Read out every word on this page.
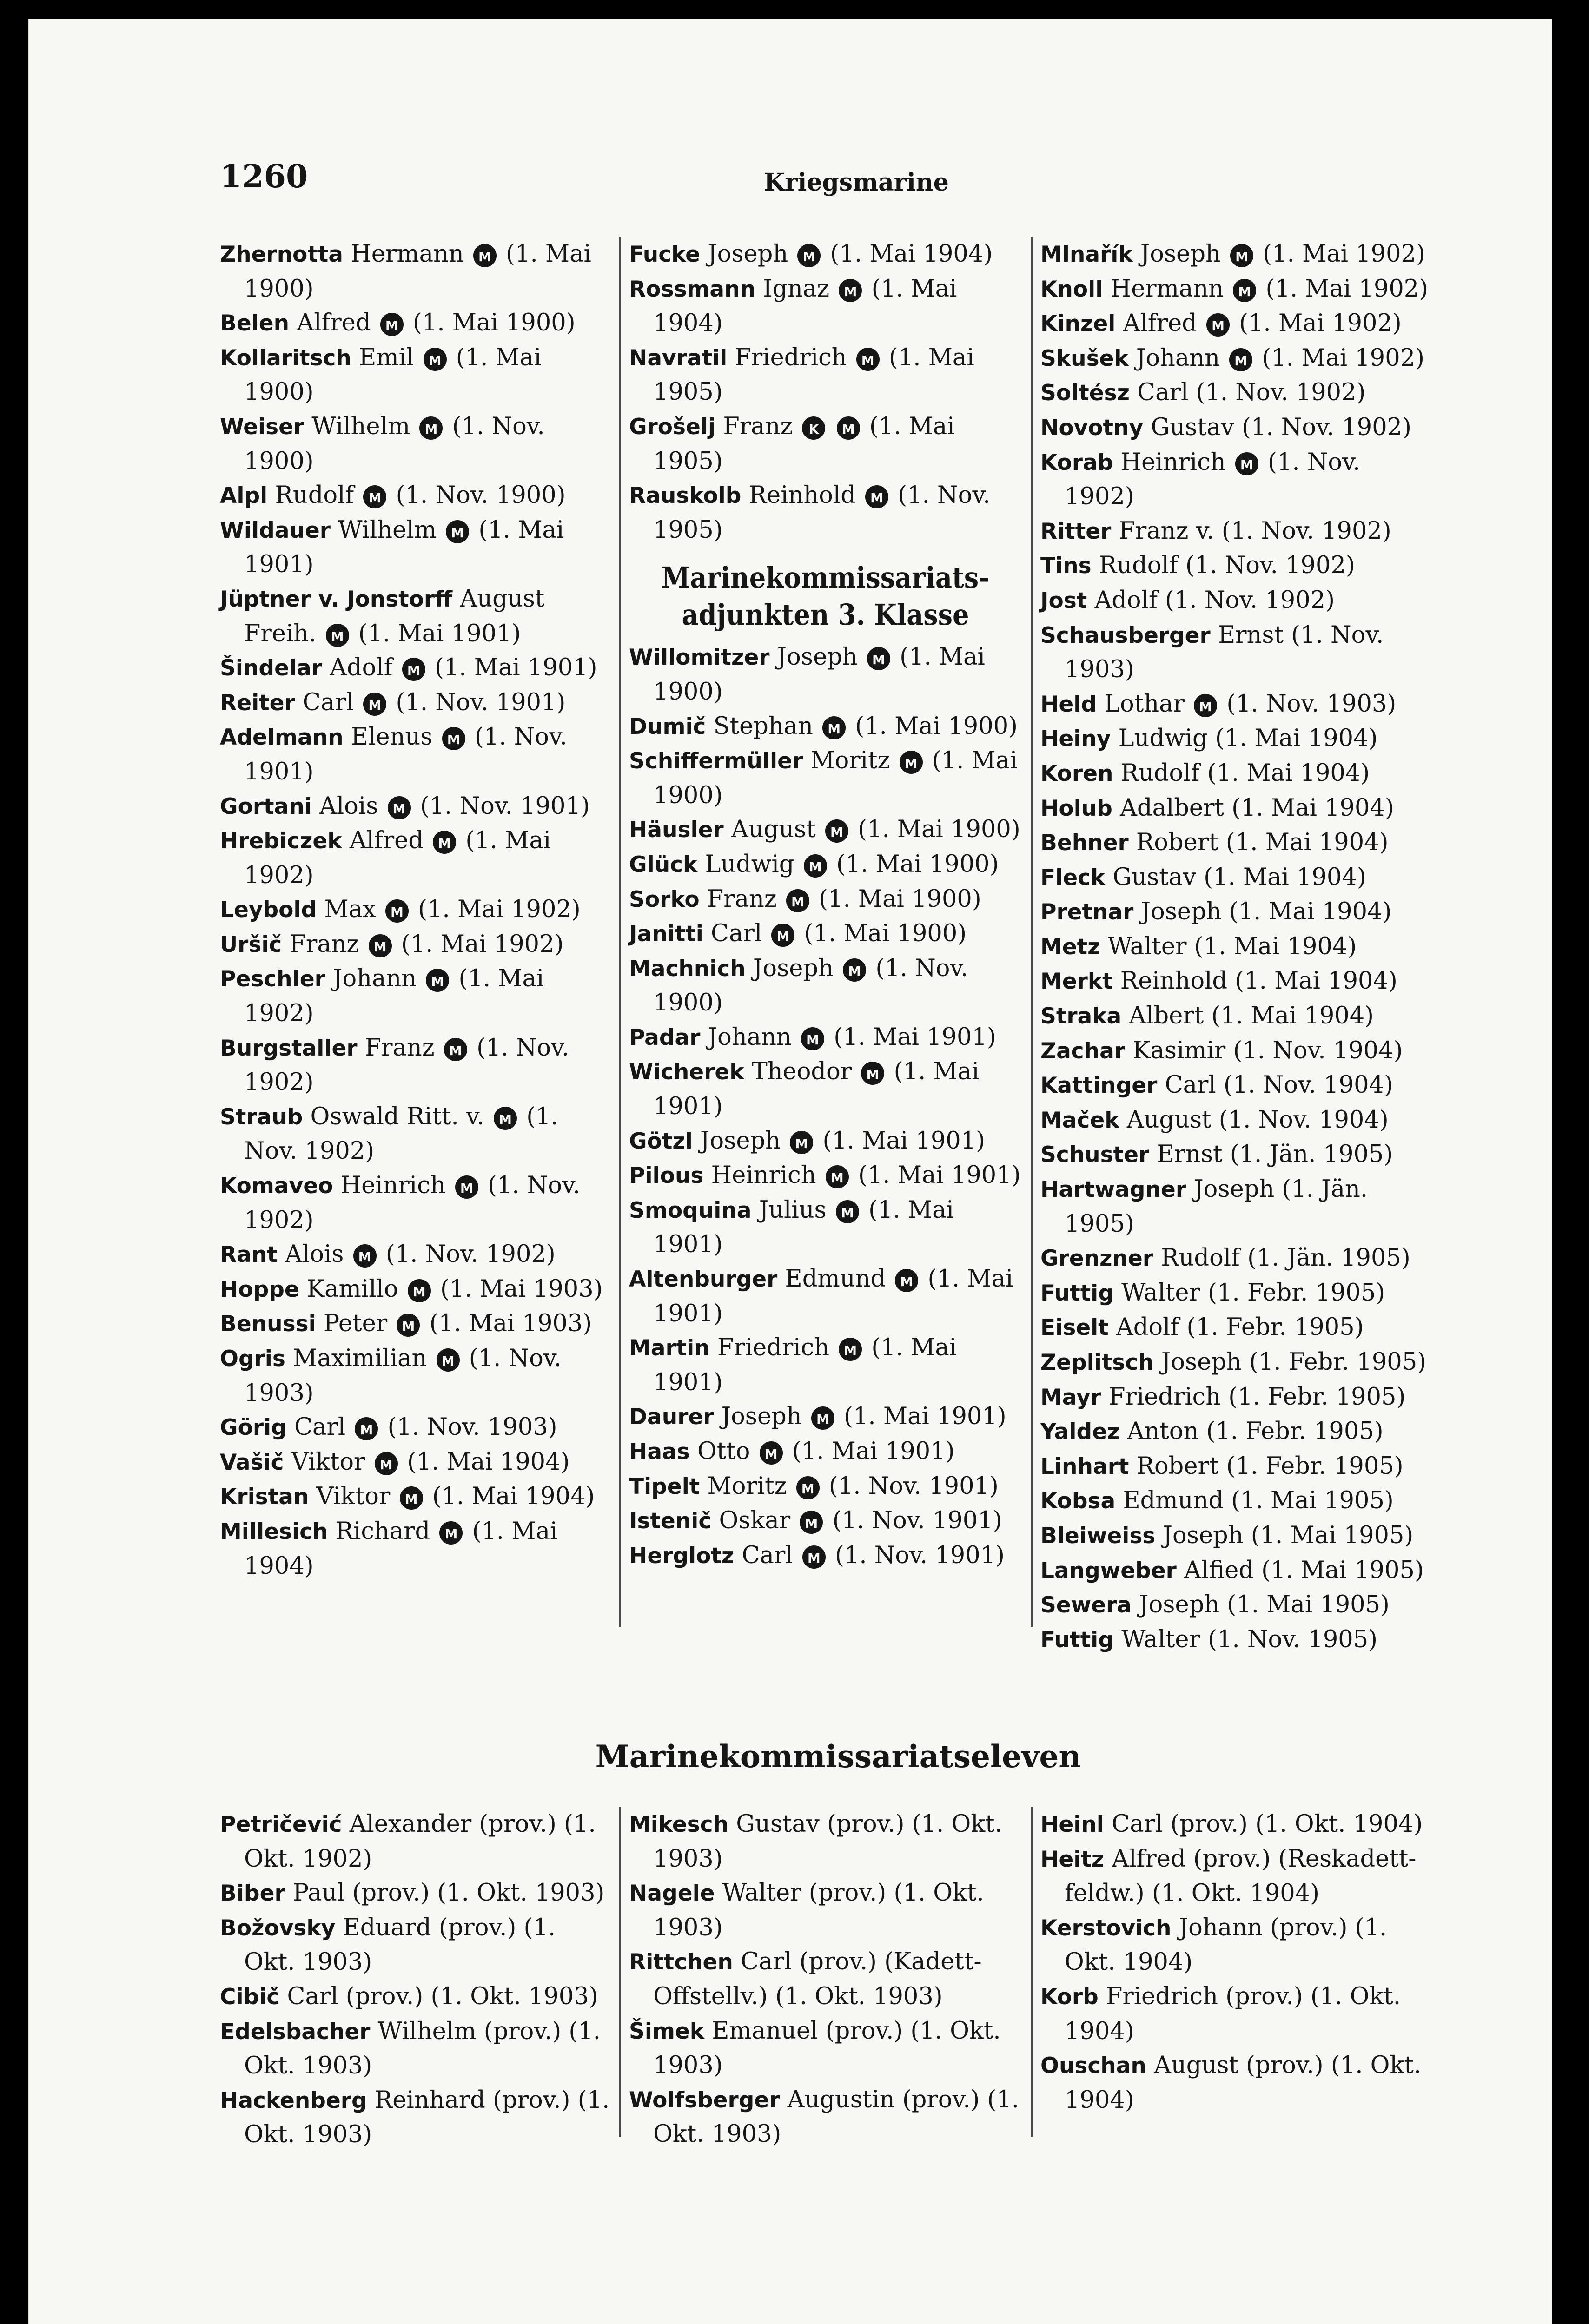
1260	Kriegsmarine
Zhernotta Hermann M (1. Mai 1900)
Belen Alfred M (1. Mai 1900)
Kollaritsch Emil M (1. Mai 1900)
Weiser Wilhelm M (1. Nov. 1900)
Alpl Rudolf M (1. Nov. 1900)
Wildauer Wilhelm M (1. Mai 1901)
Jüptner v. Jonstorff August Freih. M (1. Mai 1901)
Šindelar Adolf M (1. Mai 1901)
Reiter Carl M (1. Nov. 1901)
Adelmann Elenus M (1. Nov. 1901)
Gortani Alois M (1. Nov. 1901)
Hrebiczek Alfred M (1. Mai 1902)
Leybold Max M (1. Mai 1902)
Uršič Franz M (1. Mai 1902)
Peschler Johann M (1. Mai 1902)
Burgstaller Franz M (1. Nov. 1902)
Straub Oswald Ritt. v. M (1. Nov. 1902)
Komaveo Heinrich M (1. Nov. 1902)
Rant Alois M (1. Nov. 1902)
Hoppe Kamillo M (1. Mai 1903)
Benussi Peter M (1. Mai 1903)
Ogris Maximilian M (1. Nov. 1903)
Görig Carl M (1. Nov. 1903)
Vašič Viktor M (1. Mai 1904)
Kristan Viktor M (1. Mai 1904)
Millesich Richard M (1. Mai 1904)
Fucke Joseph M (1. Mai 1904)
Rossmann Ignaz M (1. Mai 1904)
Navratil Friedrich M (1. Mai 1905)
Grošelj Franz K M (1. Mai 1905)
Rauskolb Reinhold M (1. Nov. 1905)
Marinekommissariats-adjunkten 3. Klasse
Willomitzer Joseph M (1. Mai 1900)
Dumič Stephan M (1. Mai 1900)
Schiffermüller Moritz M (1. Mai 1900)
Häusler August M (1. Mai 1900)
Glück Ludwig M (1. Mai 1900)
Sorko Franz M (1. Mai 1900)
Janitti Carl M (1. Mai 1900)
Machnich Joseph M (1. Nov. 1900)
Padar Johann M (1. Mai 1901)
Wicherek Theodor M (1. Mai 1901)
Götzl Joseph M (1. Mai 1901)
Pilous Heinrich M (1. Mai 1901)
Smoquina Julius M (1. Mai 1901)
Altenburger Edmund M (1. Mai 1901)
Martin Friedrich M (1. Mai 1901)
Daurer Joseph M (1. Mai 1901)
Haas Otto M (1. Mai 1901)
Tipelt Moritz M (1. Nov. 1901)
Istenič Oskar M (1. Nov. 1901)
Herglotz Carl M (1. Nov. 1901)
Mlnařík Joseph M (1. Mai 1902)
Knoll Hermann M (1. Mai 1902)
Kinzel Alfred M (1. Mai 1902)
Skušek Johann M (1. Mai 1902)
Soltész Carl (1. Nov. 1902)
Novotny Gustav (1. Nov. 1902)
Korab Heinrich M (1. Nov. 1902)
Ritter Franz v. (1. Nov. 1902)
Tins Rudolf (1. Nov. 1902)
Jost Adolf (1. Nov. 1902)
Schausberger Ernst (1. Nov. 1903)
Held Lothar M (1. Nov. 1903)
Heiny Ludwig (1. Mai 1904)
Koren Rudolf (1. Mai 1904)
Holub Adalbert (1. Mai 1904)
Behner Robert (1. Mai 1904)
Fleck Gustav (1. Mai 1904)
Pretnar Joseph (1. Mai 1904)
Metz Walter (1. Mai 1904)
Merkt Reinhold (1. Mai 1904)
Straka Albert (1. Mai 1904)
Zachar Kasimir (1. Nov. 1904)
Kattinger Carl (1. Nov. 1904)
Maček August (1. Nov. 1904)
Schuster Ernst (1. Jän. 1905)
Hartwagner Joseph (1. Jän. 1905)
Grenzner Rudolf (1. Jän. 1905)
Futtig Walter (1. Febr. 1905)
Eiselt Adolf (1. Febr. 1905)
Zeplitsch Joseph (1. Febr. 1905)
Mayr Friedrich (1. Febr. 1905)
Yaldez Anton (1. Febr. 1905)
Linhart Robert (1. Febr. 1905)
Kobsa Edmund (1. Mai 1905)
Bleiweiss Joseph (1. Mai 1905)
Langweber Alfied (1. Mai 1905)
Sewera Joseph (1. Mai 1905)
Futtig Walter (1. Nov. 1905)
Marinekommissariatseleven
Petričević Alexander (prov.) (1. Okt. 1902)
Biber Paul (prov.) (1. Okt. 1903)
Božovsky Eduard (prov.) (1. Okt. 1903)
Cibič Carl (prov.) (1. Okt. 1903)
Edelsbacher Wilhelm (prov.) (1. Okt. 1903)
Hackenberg Reinhard (prov.) (1. Okt. 1903)
Mikesch Gustav (prov.) (1. Okt. 1903)
Nagele Walter (prov.) (1. Okt. 1903)
Rittchen Carl (prov.) (Kadett-Offstellv.) (1. Okt. 1903)
Šimek Emanuel (prov.) (1. Okt. 1903)
Wolfsberger Augustin (prov.) (1. Okt. 1903)
Heinl Carl (prov.) (1. Okt. 1904)
Heitz Alfred (prov.) (Reskadett-feldw.) (1. Okt. 1904)
Kerstovich Johann (prov.) (1. Okt. 1904)
Korb Friedrich (prov.) (1. Okt. 1904)
Ouschan August (prov.) (1. Okt. 1904)
